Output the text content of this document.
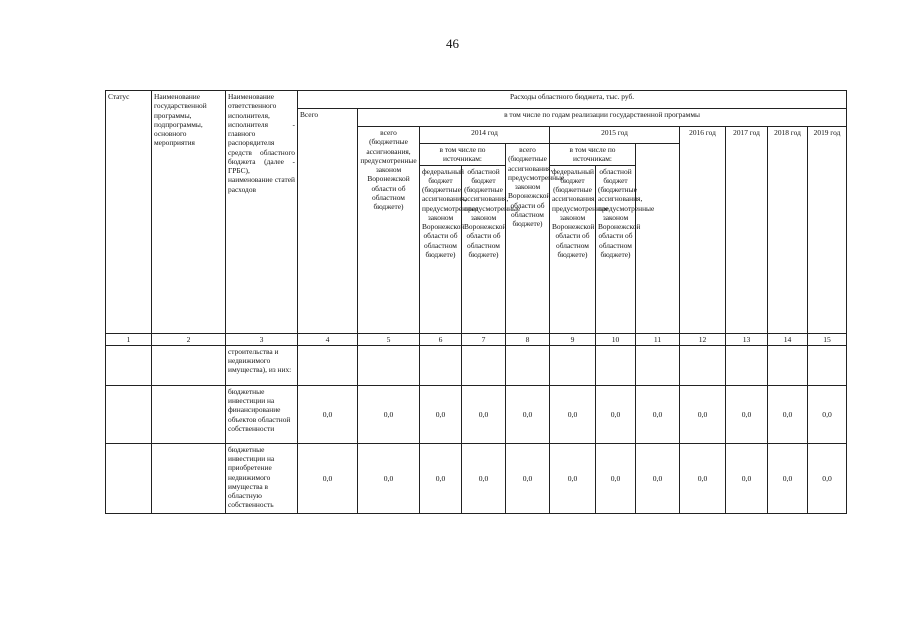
46
Статус	Наименование государственной программы, подпрограммы, основного мероприятия	Наименование ответственного исполнителя, исполнителя - главного распорядителя средств областного бюджета (далее - ГРБС), наименование статей расходов	Расходы областного бюджета, тыс. руб.												
			Всего	в том числе по годам реализации государственной программы											
				всего (бюджетные ассигнования, предусмотренные законом Воронежской области об областном бюджете)	2014 год			2015 год			2016 год	2017 год	2018 год	2019 год	
					в том числе по источникам:		всего (бюджетные ассигнования, предусмотренные законом Воронежской области об областном бюджете)	в том числе по источникам:							
					федеральный бюджет (бюджетные ассигнования, предусмотренные законом Воронежской области об областном бюджете)	областной бюджет (бюджетные ассигнования, предусмотренные законом Воронежской области об областном бюджете)		федеральный бюджет (бюджетные ассигнования, предусмотренные законом Воронежской области об областном бюджете)	областной бюджет (бюджетные ассигнования, предусмотренные законом Воронежской области об областном бюджете)						
1	2	3	4	5	6	7	8	9	10	11	12	13	14	15	
		строительства и недвижимого имущества), из них:													
		бюджетные инвестиции на финансирование объектов областной собственности	0,0	0,0	0,0	0,0	0,0	0,0	0,0	0,0	0,0	0,0	0,0	0,0	
		бюджетные инвестиции на приобретение недвижимого имущества в областную собственность	0,0	0,0	0,0	0,0	0,0	0,0	0,0	0,0	0,0	0,0	0,0	0,0	
